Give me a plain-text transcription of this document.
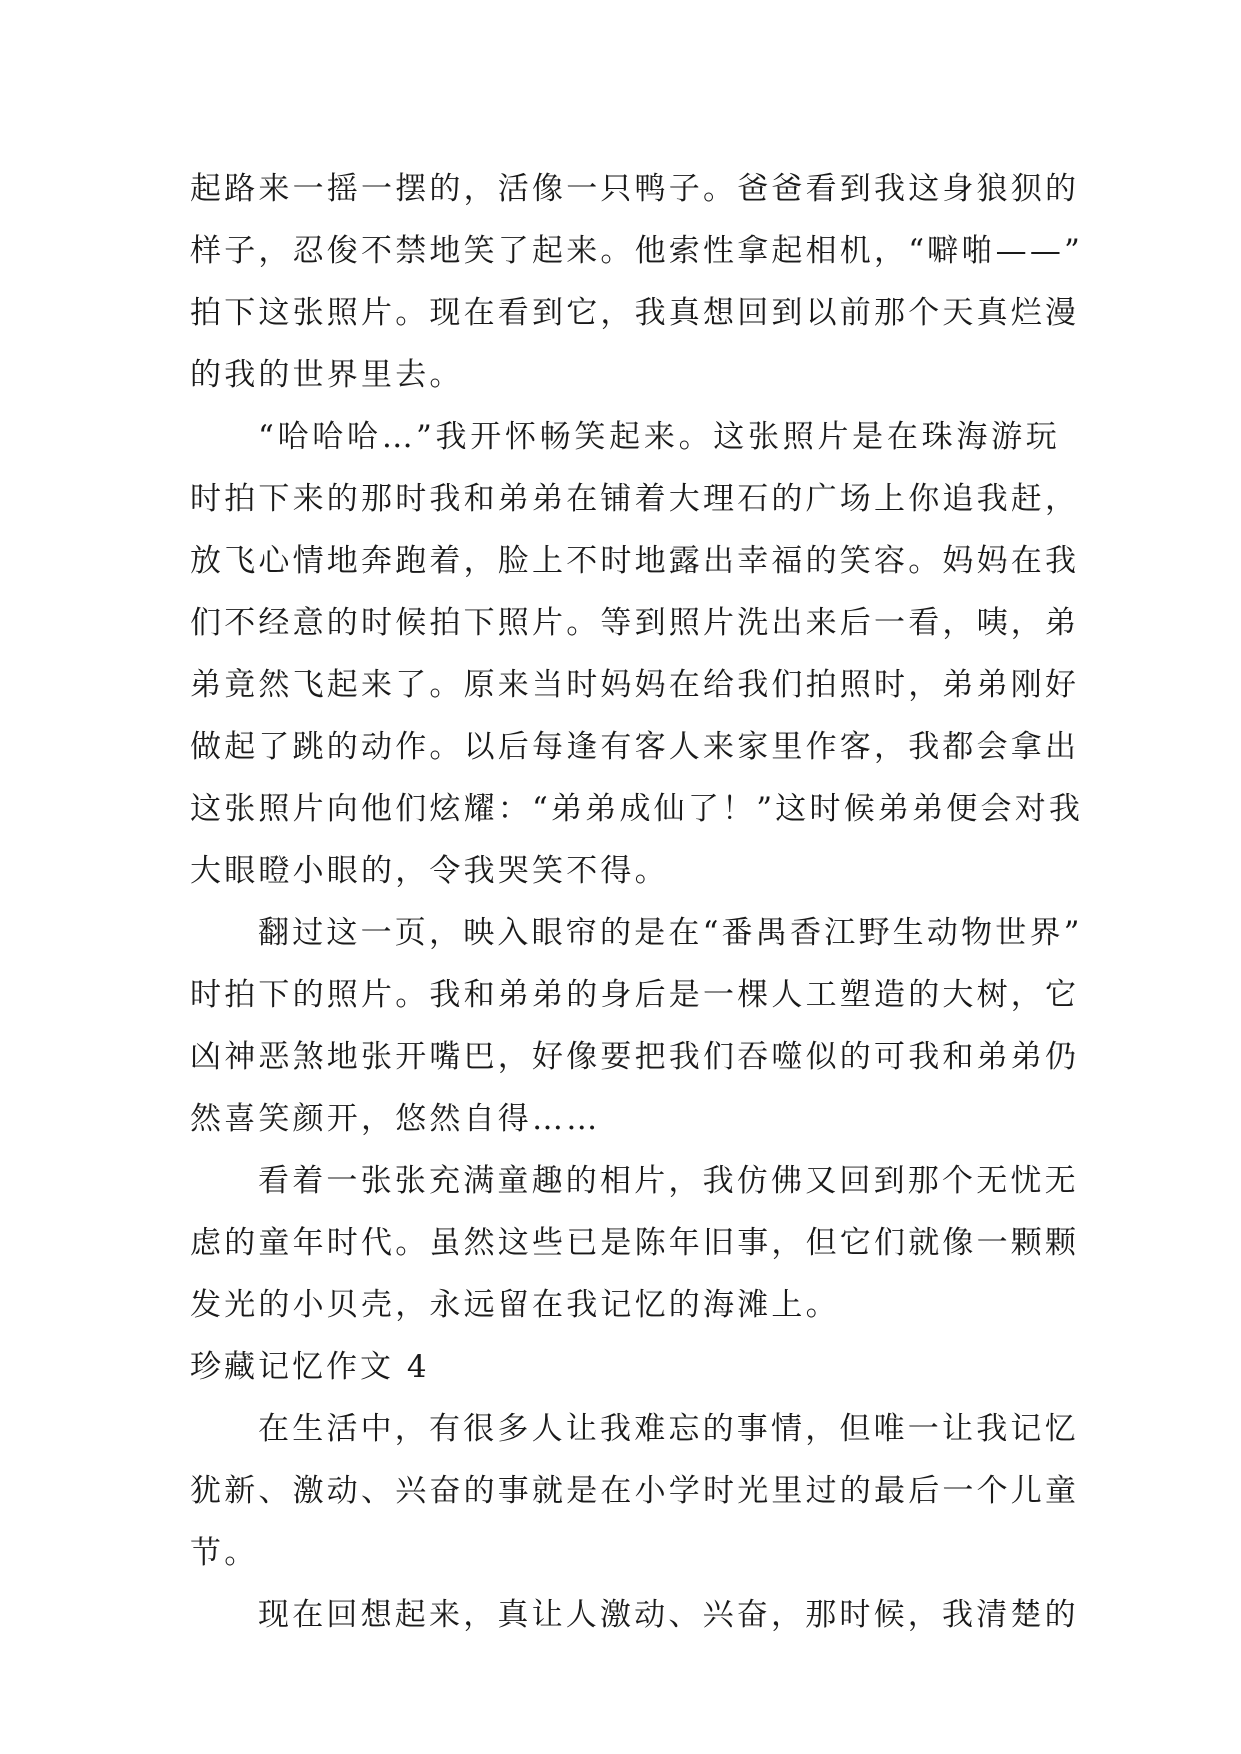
起路来一摇一摆的，活像一只鸭子。爸爸看到我这身狼狈的
样子，忍俊不禁地笑了起来。他索性拿起相机，“噼啪——”
拍下这张照片。现在看到它，我真想回到以前那个天真烂漫
的我的世界里去。
“哈哈哈…”我开怀畅笑起来。这张照片是在珠海游玩
时拍下来的那时我和弟弟在铺着大理石的广场上你追我赶，
放飞心情地奔跑着，脸上不时地露出幸福的笑容。妈妈在我
们不经意的时候拍下照片。等到照片洗出来后一看，咦，弟
弟竟然飞起来了。原来当时妈妈在给我们拍照时，弟弟刚好
做起了跳的动作。以后每逢有客人来家里作客，我都会拿出
这张照片向他们炫耀：“弟弟成仙了！”这时候弟弟便会对我
大眼瞪小眼的，令我哭笑不得。
翻过这一页，映入眼帘的是在“番禺香江野生动物世界”
时拍下的照片。我和弟弟的身后是一棵人工塑造的大树，它
凶神恶煞地张开嘴巴，好像要把我们吞噬似的可我和弟弟仍
然喜笑颜开，悠然自得……
看着一张张充满童趣的相片，我仿佛又回到那个无忧无
虑的童年时代。虽然这些已是陈年旧事，但它们就像一颗颗
发光的小贝壳，永远留在我记忆的海滩上。
珍藏记忆作文 4
在生活中，有很多人让我难忘的事情，但唯一让我记忆
犹新、激动、兴奋的事就是在小学时光里过的最后一个儿童
节。
现在回想起来，真让人激动、兴奋，那时候，我清楚的
